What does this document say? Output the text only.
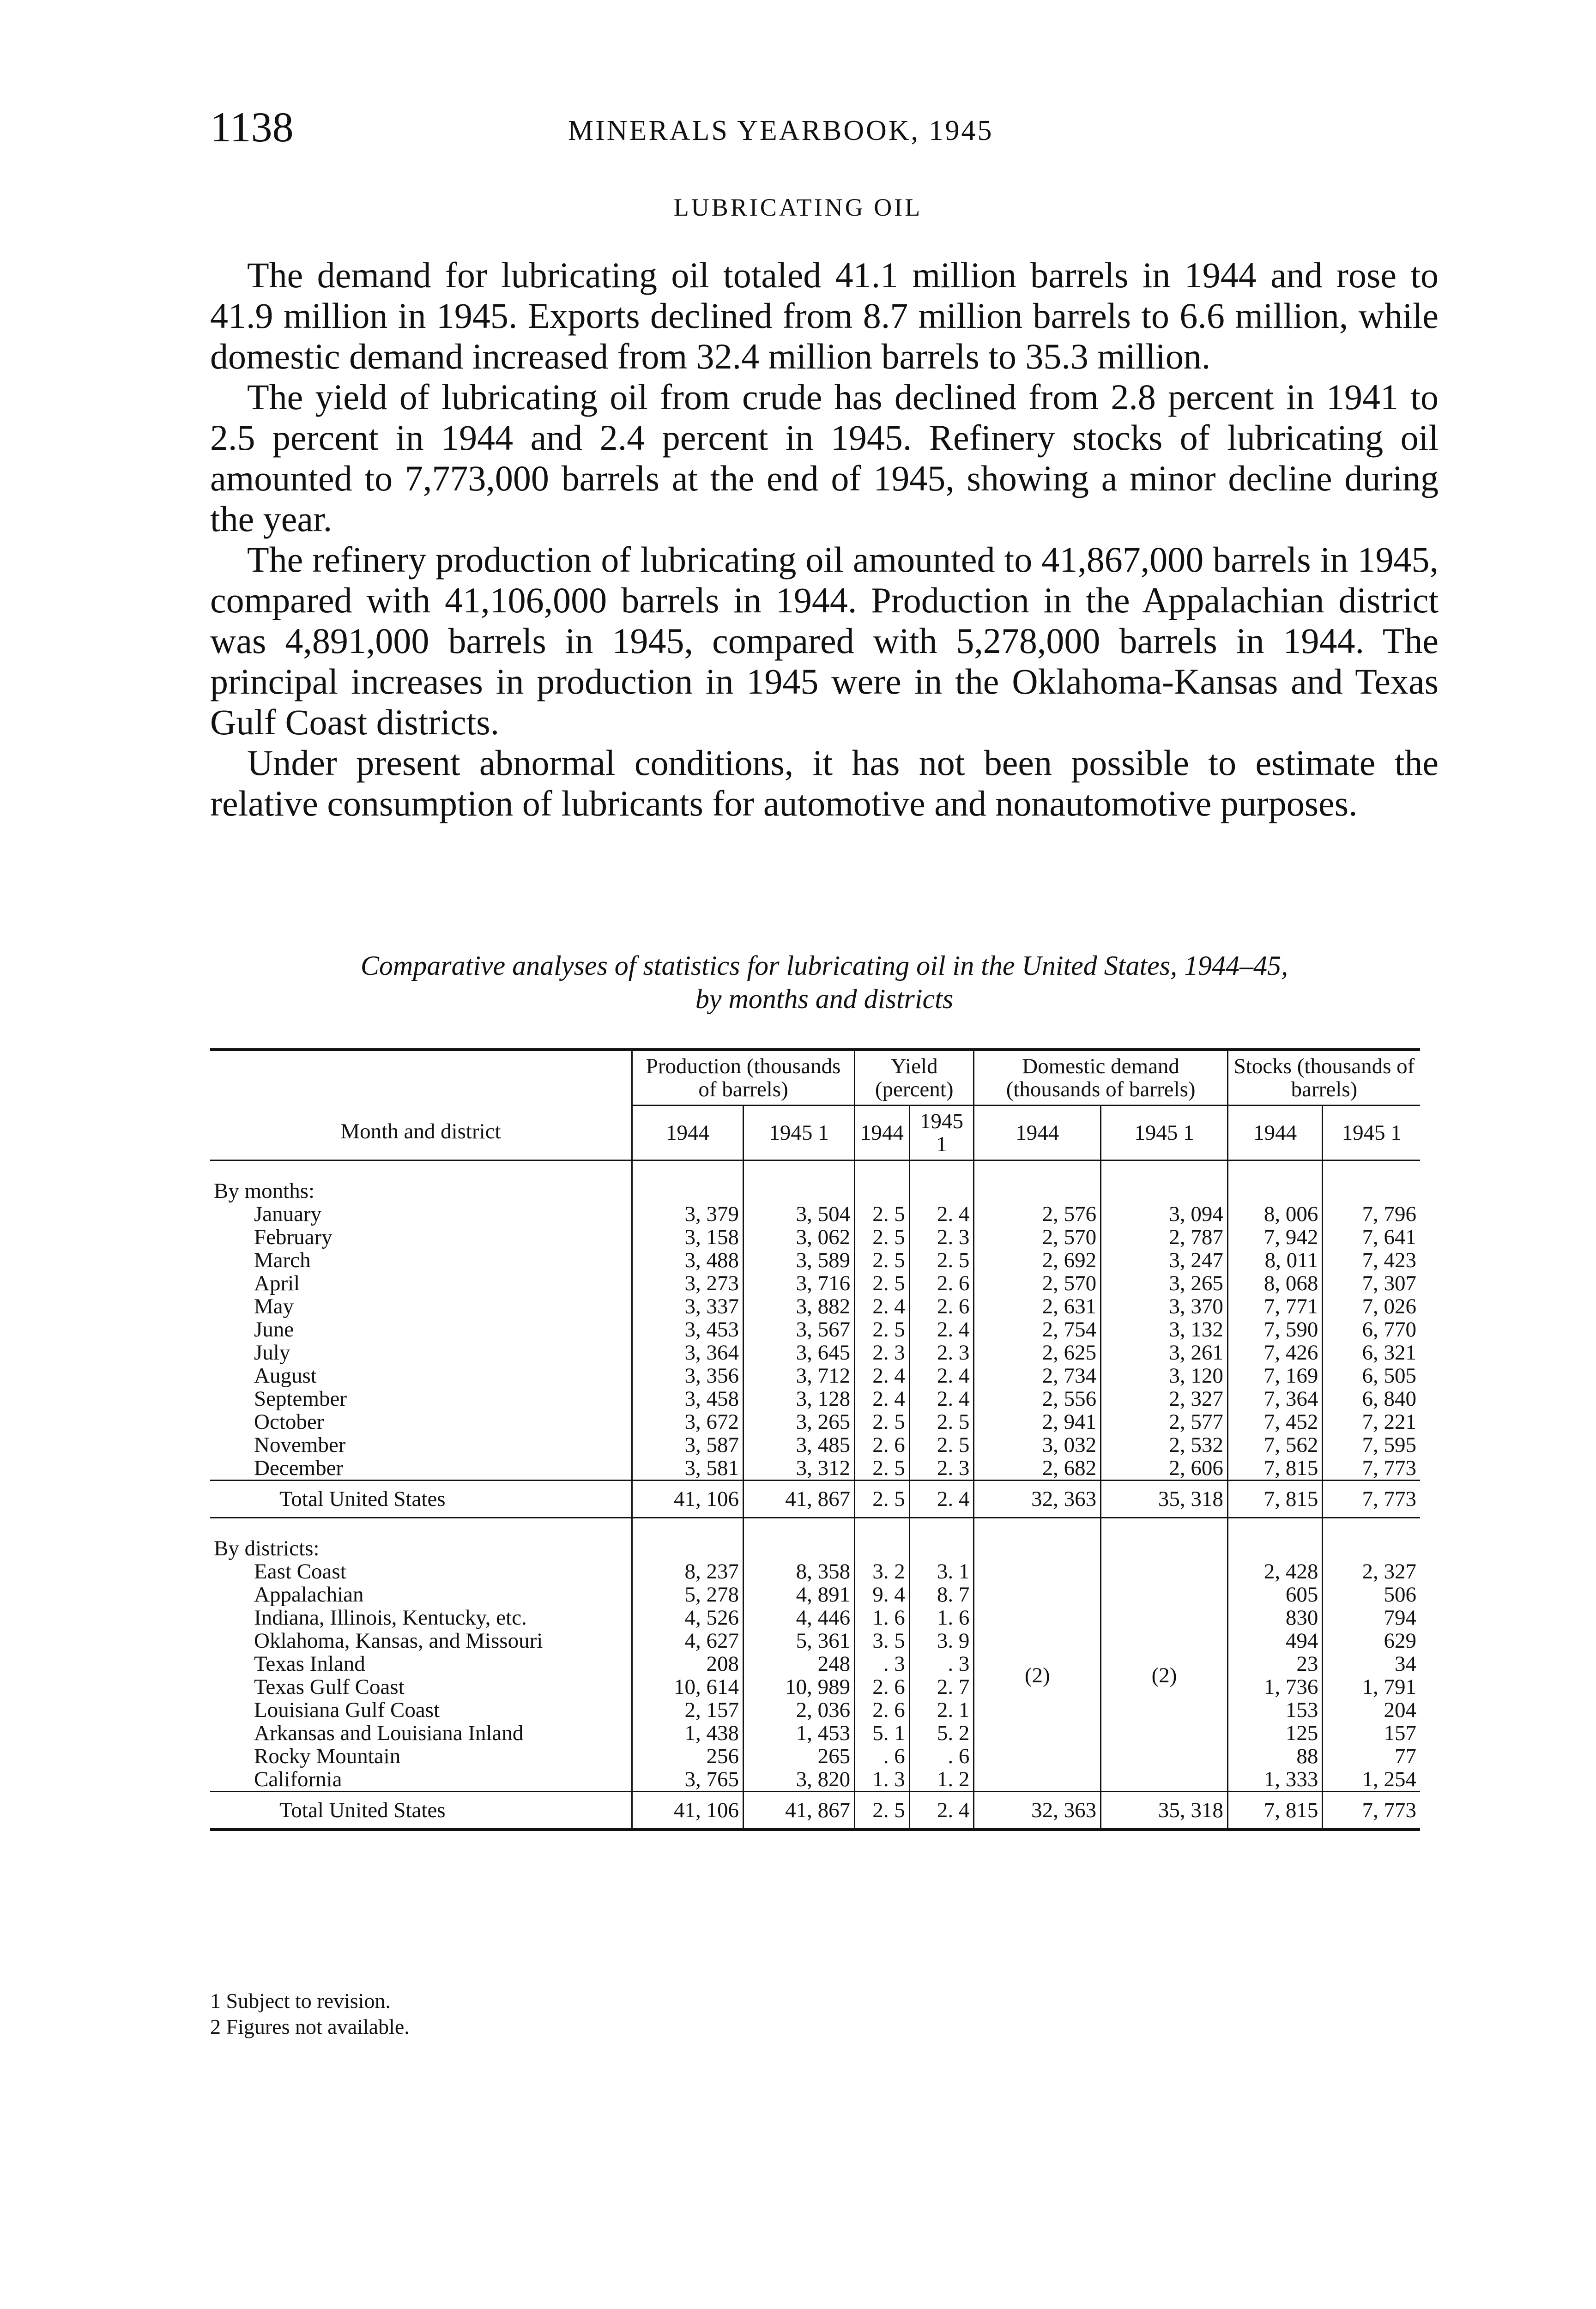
1138	MINERALS YEARBOOK, 1945
LUBRICATING OIL

The demand for lubricating oil totaled 41.1 million barrels in 1944 and rose to 41.9 million in 1945. Exports declined from 8.7 million barrels to 6.6 million, while domestic demand increased from 32.4 million barrels to 35.3 million.

The yield of lubricating oil from crude has declined from 2.8 percent in 1941 to 2.5 percent in 1944 and 2.4 percent in 1945. Refinery stocks of lubricating oil amounted to 7,773,000 barrels at the end of 1945, showing a minor decline during the year.

The refinery production of lubricating oil amounted to 41,867,000 barrels in 1945, compared with 41,106,000 barrels in 1944. Production in the Appalachian district was 4,891,000 barrels in 1945, compared with 5,278,000 barrels in 1944. The principal increases in production in 1945 were in the Oklahoma-Kansas and Texas Gulf Coast districts.

Under present abnormal conditions, it has not been possible to estimate the relative consumption of lubricants for automotive and nonautomotive purposes.

Comparative analyses of statistics for lubricating oil in the United States, 1944–45,
by months and districts
Month and district	Production (thousands of barrels)		Yield (percent)		Domestic demand (thousands of barrels)		Stocks (thousands of barrels)	
	1944	1945 1	1944	1945 1	1944	1945 1	1944	1945 1
By months:								
January	3, 379	3, 504	2. 5	2. 4	2, 576	3, 094	8, 006	7, 796
February	3, 158	3, 062	2. 5	2. 3	2, 570	2, 787	7, 942	7, 641
March	3, 488	3, 589	2. 5	2. 5	2, 692	3, 247	8, 011	7, 423
April	3, 273	3, 716	2. 5	2. 6	2, 570	3, 265	8, 068	7, 307
May	3, 337	3, 882	2. 4	2. 6	2, 631	3, 370	7, 771	7, 026
June	3, 453	3, 567	2. 5	2. 4	2, 754	3, 132	7, 590	6, 770
July	3, 364	3, 645	2. 3	2. 3	2, 625	3, 261	7, 426	6, 321
August	3, 356	3, 712	2. 4	2. 4	2, 734	3, 120	7, 169	6, 505
September	3, 458	3, 128	2. 4	2. 4	2, 556	2, 327	7, 364	6, 840
October	3, 672	3, 265	2. 5	2. 5	2, 941	2, 577	7, 452	7, 221
November	3, 587	3, 485	2. 6	2. 5	3, 032	2, 532	7, 562	7, 595
December	3, 581	3, 312	2. 5	2. 3	2, 682	2, 606	7, 815	7, 773
Total United States	41, 106	41, 867	2. 5	2. 4	32, 363	35, 318	7, 815	7, 773
By districts:								
East Coast	8, 237	8, 358	3. 2	3. 1	(2)	(2)	2, 428	2, 327
Appalachian	5, 278	4, 891	9. 4	8. 7			605	506
Indiana, Illinois, Kentucky, etc.	4, 526	4, 446	1. 6	1. 6			830	794
Oklahoma, Kansas, and Missouri	4, 627	5, 361	3. 5	3. 9			494	629
Texas Inland	208	248	. 3	. 3			23	34
Texas Gulf Coast	10, 614	10, 989	2. 6	2. 7			1, 736	1, 791
Louisiana Gulf Coast	2, 157	2, 036	2. 6	2. 1			153	204
Arkansas and Louisiana Inland	1, 438	1, 453	5. 1	5. 2			125	157
Rocky Mountain	256	265	. 6	. 6			88	77
California	3, 765	3, 820	1. 3	1. 2			1, 333	1, 254
Total United States	41, 106	41, 867	2. 5	2. 4	32, 363	35, 318	7, 815	7, 773
1 Subject to revision.
2 Figures not available.
